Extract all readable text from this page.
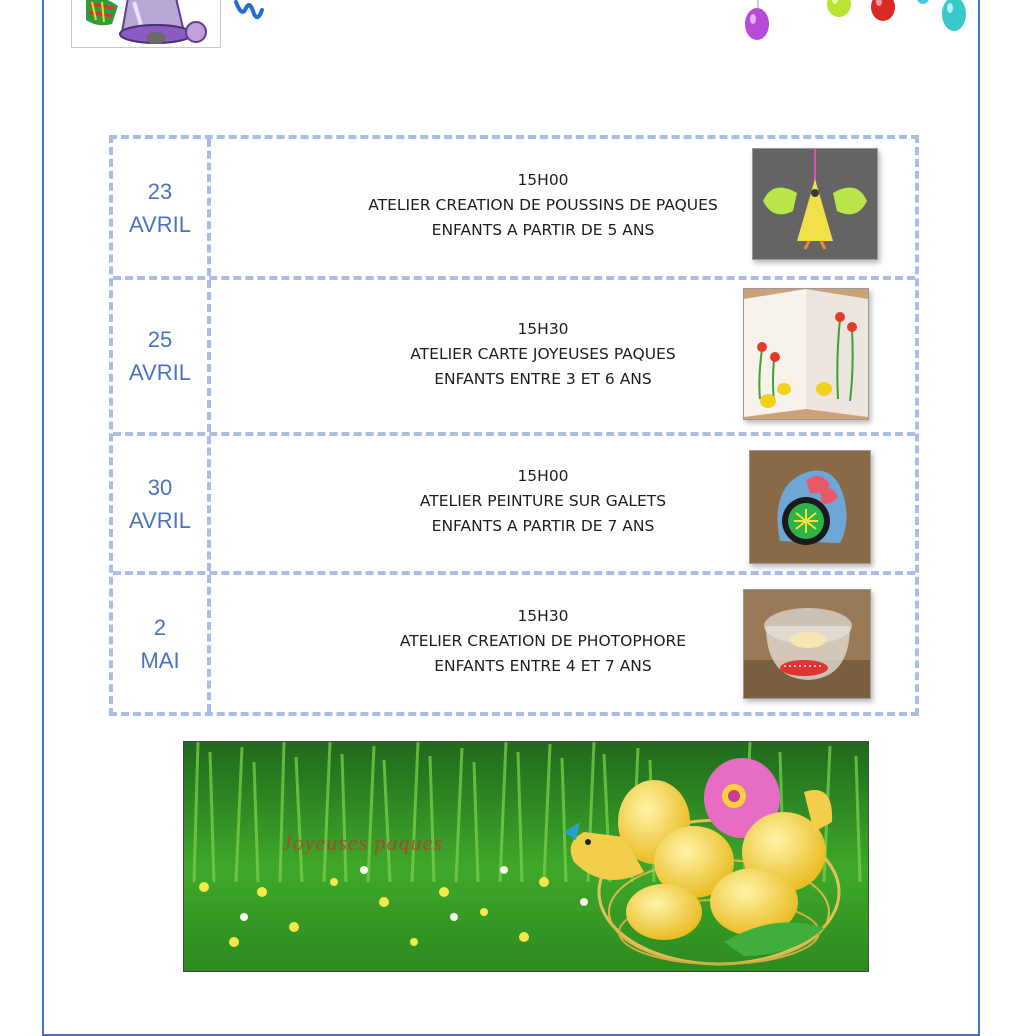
23
AVRIL
15H00
ATELIER CREATION DE POUSSINS DE PAQUES
ENFANTS A PARTIR DE 5 ANS
25
AVRIL
15H30
ATELIER CARTE JOYEUSES PAQUES
ENFANTS ENTRE 3 ET 6 ANS
30
AVRIL
15H00
ATELIER PEINTURE SUR GALETS
ENFANTS A PARTIR DE 7 ANS
2
MAI
15H30
ATELIER CREATION DE PHOTOPHORE
ENFANTS ENTRE 4 ET 7 ANS
Joyeuses paques
